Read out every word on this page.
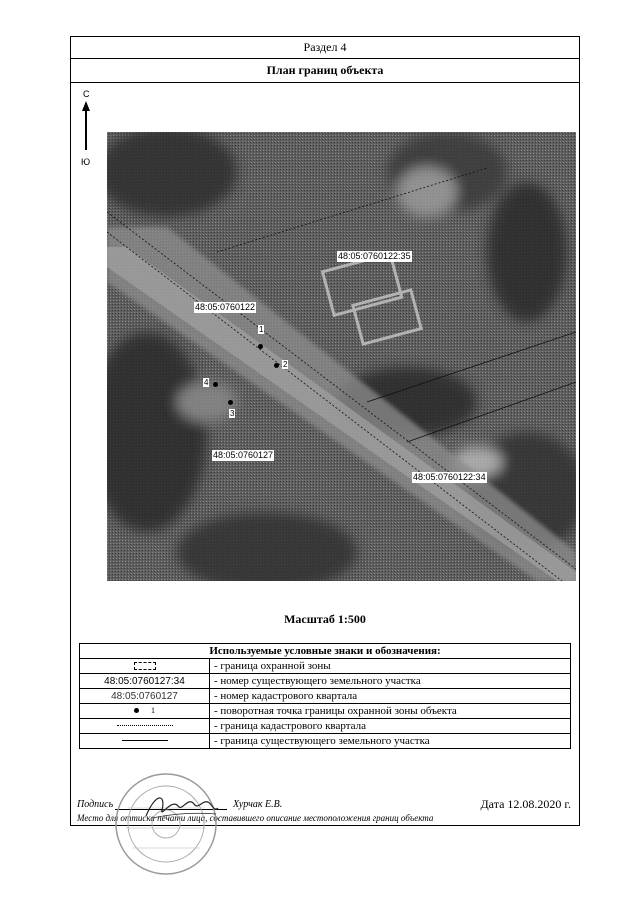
Раздел 4
План границ объекта
С
Ю
48:05:0760122:35
48:05:0760122
48:05:0760127
48:05:0760122:34
1
2
3
4
Масштаб 1:500
Используемые условные знаки и обозначения:	
	- граница охранной зоны
48:05:0760127:34	- номер существующего земельного участка
48:05:0760127	- номер кадастрового квартала
1	- поворотная точка границы охранной зоны объекта
	- граница кадастрового квартала
	- граница существующего земельного участка
Подпись	Хурчак Е.В.	Дата 12.08.2020 г.
Место для оттиска печати лица, составившего описание местоположения границ объекта
